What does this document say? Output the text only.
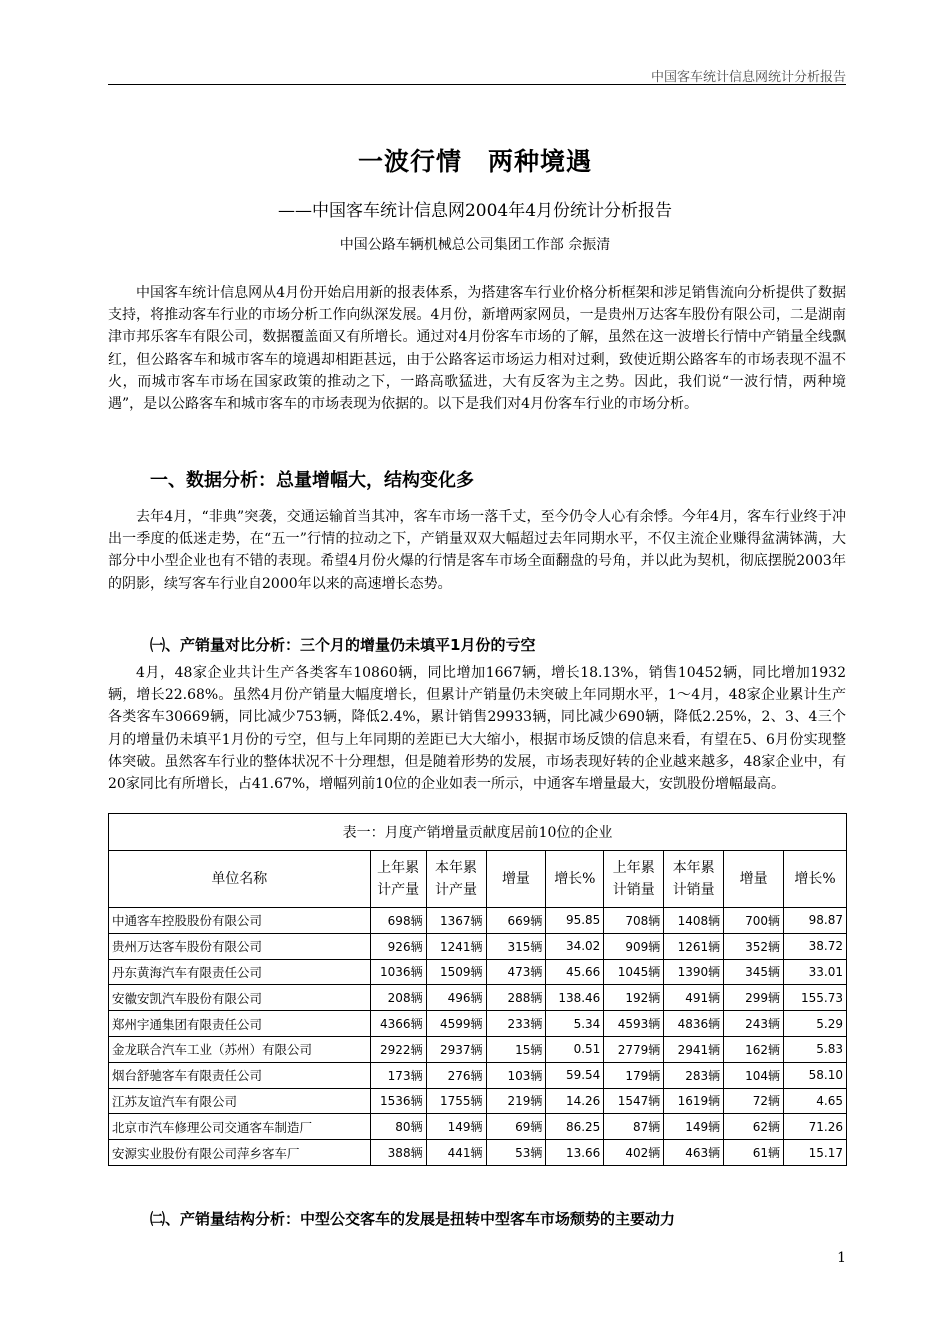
中国客车统计信息网统计分析报告
一波行情　两种境遇
——中国客车统计信息网2004年4月份统计分析报告
中国公路车辆机械总公司集团工作部 佘振清

中国客车统计信息网从4月份开始启用新的报表体系，为搭建客车行业价格分析框架和涉足销售流向分析提供了数据支持，将推动客车行业的市场分析工作向纵深发展。4月份，新增两家网员，一是贵州万达客车股份有限公司，二是湖南津市邦乐客车有限公司，数据覆盖面又有所增长。通过对4月份客车市场的了解，虽然在这一波增长行情中产销量全线飘红，但公路客车和城市客车的境遇却相距甚远，由于公路客运市场运力相对过剩，致使近期公路客车的市场表现不温不火，而城市客车市场在国家政策的推动之下，一路高歌猛进，大有反客为主之势。因此，我们说“一波行情，两种境遇”，是以公路客车和城市客车的市场表现为依据的。以下是我们对4月份客车行业的市场分析。

一、数据分析：总量增幅大，结构变化多

去年4月，“非典”突袭，交通运输首当其冲，客车市场一落千丈，至今仍令人心有余悸。今年4月，客车行业终于冲出一季度的低迷走势，在“五一”行情的拉动之下，产销量双双大幅超过去年同期水平，不仅主流企业赚得盆满钵满，大部分中小型企业也有不错的表现。希望4月份火爆的行情是客车市场全面翻盘的号角，并以此为契机，彻底摆脱2003年的阴影，续写客车行业自2000年以来的高速增长态势。

㈠、产销量对比分析：三个月的增量仍未填平1月份的亏空

4月，48家企业共计生产各类客车10860辆，同比增加1667辆，增长18.13%，销售10452辆，同比增加1932辆，增长22.68%。虽然4月份产销量大幅度增长，但累计产销量仍未突破上年同期水平，1～4月，48家企业累计生产各类客车30669辆，同比减少753辆，降低2.4%，累计销售29933辆，同比减少690辆，降低2.25%，2、3、4三个月的增量仍未填平1月份的亏空，但与上年同期的差距已大大缩小，根据市场反馈的信息来看，有望在5、6月份实现整体突破。虽然客车行业的整体状况不十分理想，但是随着形势的发展，市场表现好转的企业越来越多，48家企业中，有20家同比有所增长，占41.67%，增幅列前10位的企业如表一所示，中通客车增量最大，安凯股份增幅最高。

表一：月度产销增量贡献度居前10位的企业								
单位名称	上年累计产量	本年累计产量	增量	增长%	上年累计销量	本年累计销量	增量	增长%
中通客车控股股份有限公司	698辆	1367辆	669辆	95.85	708辆	1408辆	700辆	98.87
贵州万达客车股份有限公司	926辆	1241辆	315辆	34.02	909辆	1261辆	352辆	38.72
丹东黄海汽车有限责任公司	1036辆	1509辆	473辆	45.66	1045辆	1390辆	345辆	33.01
安徽安凯汽车股份有限公司	208辆	496辆	288辆	138.46	192辆	491辆	299辆	155.73
郑州宇通集团有限责任公司	4366辆	4599辆	233辆	5.34	4593辆	4836辆	243辆	5.29
金龙联合汽车工业（苏州）有限公司	2922辆	2937辆	15辆	0.51	2779辆	2941辆	162辆	5.83
烟台舒驰客车有限责任公司	173辆	276辆	103辆	59.54	179辆	283辆	104辆	58.10
江苏友谊汽车有限公司	1536辆	1755辆	219辆	14.26	1547辆	1619辆	72辆	4.65
北京市汽车修理公司交通客车制造厂	80辆	149辆	69辆	86.25	87辆	149辆	62辆	71.26
安源实业股份有限公司萍乡客车厂	388辆	441辆	53辆	13.66	402辆	463辆	61辆	15.17
㈡、产销量结构分析：中型公交客车的发展是扭转中型客车市场颓势的主要动力
1
